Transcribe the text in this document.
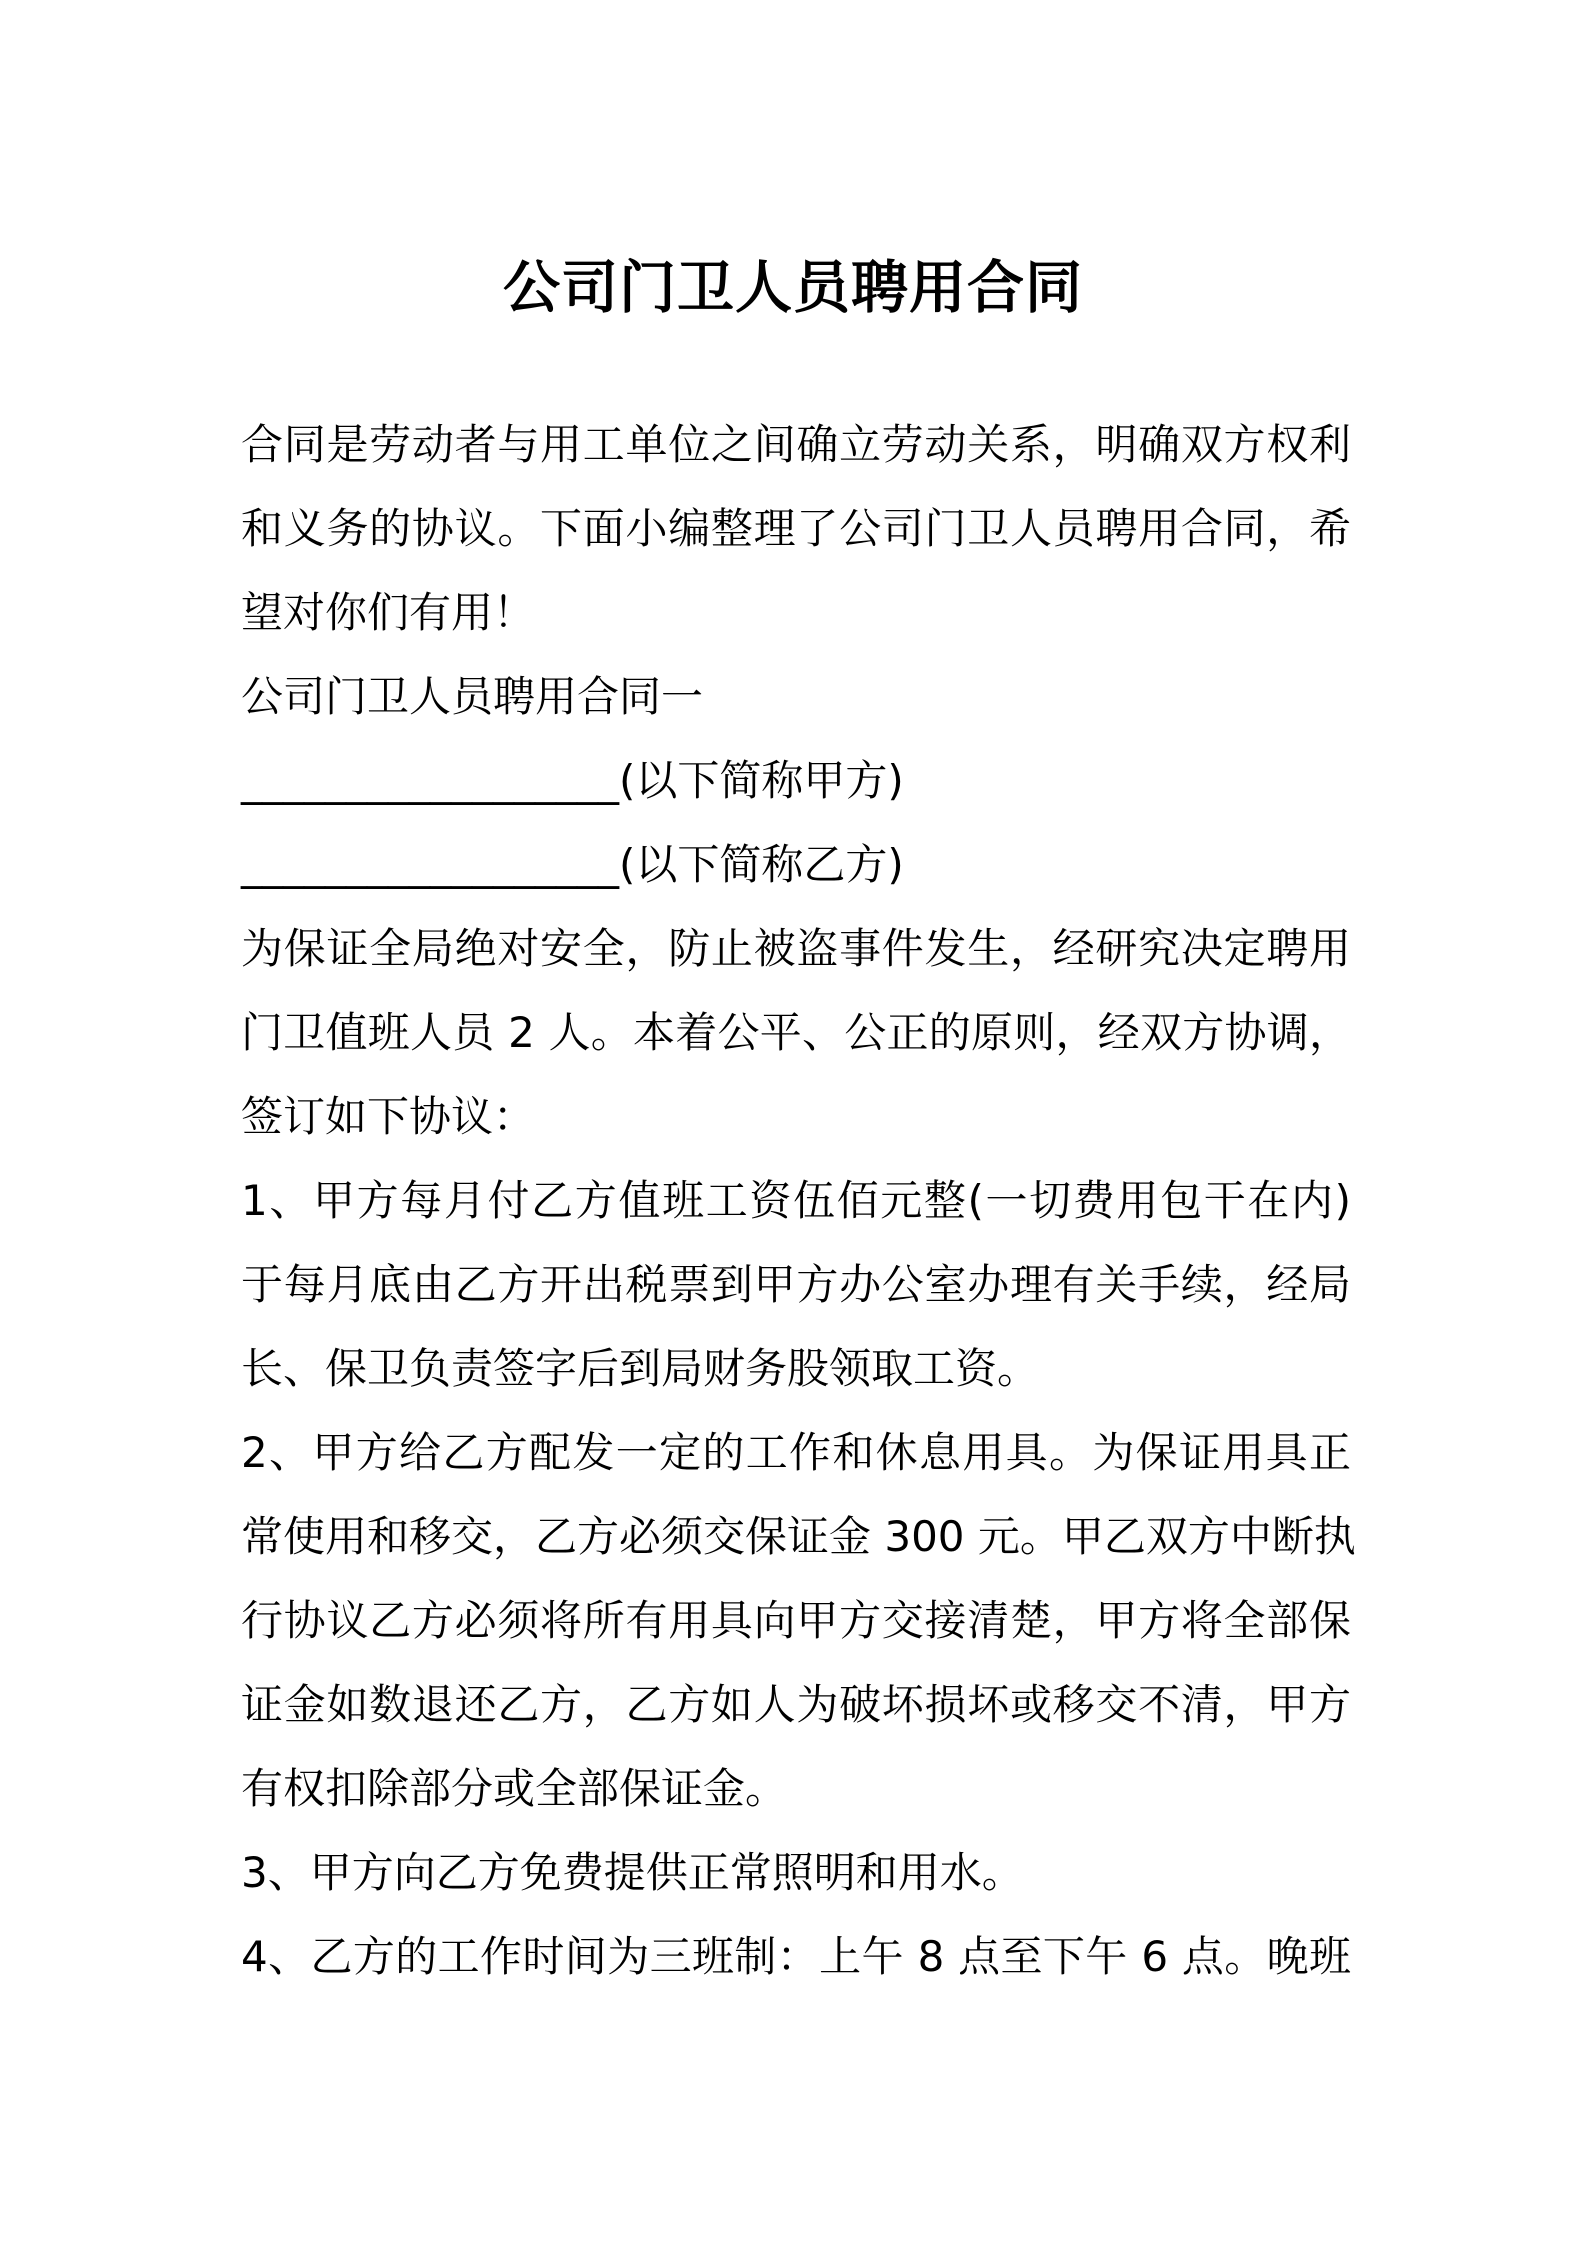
公司门卫人员聘用合同
合同是劳动者与用工单位之间确立劳动关系，明确双方权利
和义务的协议。下面小编整理了公司门卫人员聘用合同，希
望对你们有用！
公司门卫人员聘用合同一
__________________(以下简称甲方)
__________________(以下简称乙方)
为保证全局绝对安全，防止被盗事件发生，经研究决定聘用
门卫值班人员 2 人。本着公平、公正的原则，经双方协调，
签订如下协议：
1、甲方每月付乙方值班工资伍佰元整(一切费用包干在内)
于每月底由乙方开出税票到甲方办公室办理有关手续，经局
长、保卫负责签字后到局财务股领取工资。
2、甲方给乙方配发一定的工作和休息用具。为保证用具正
常使用和移交，乙方必须交保证金 300 元。甲乙双方中断执
行协议乙方必须将所有用具向甲方交接清楚，甲方将全部保
证金如数退还乙方，乙方如人为破坏损坏或移交不清，甲方
有权扣除部分或全部保证金。
3、甲方向乙方免费提供正常照明和用水。
4、乙方的工作时间为三班制：上午 8 点至下午 6 点。晚班
